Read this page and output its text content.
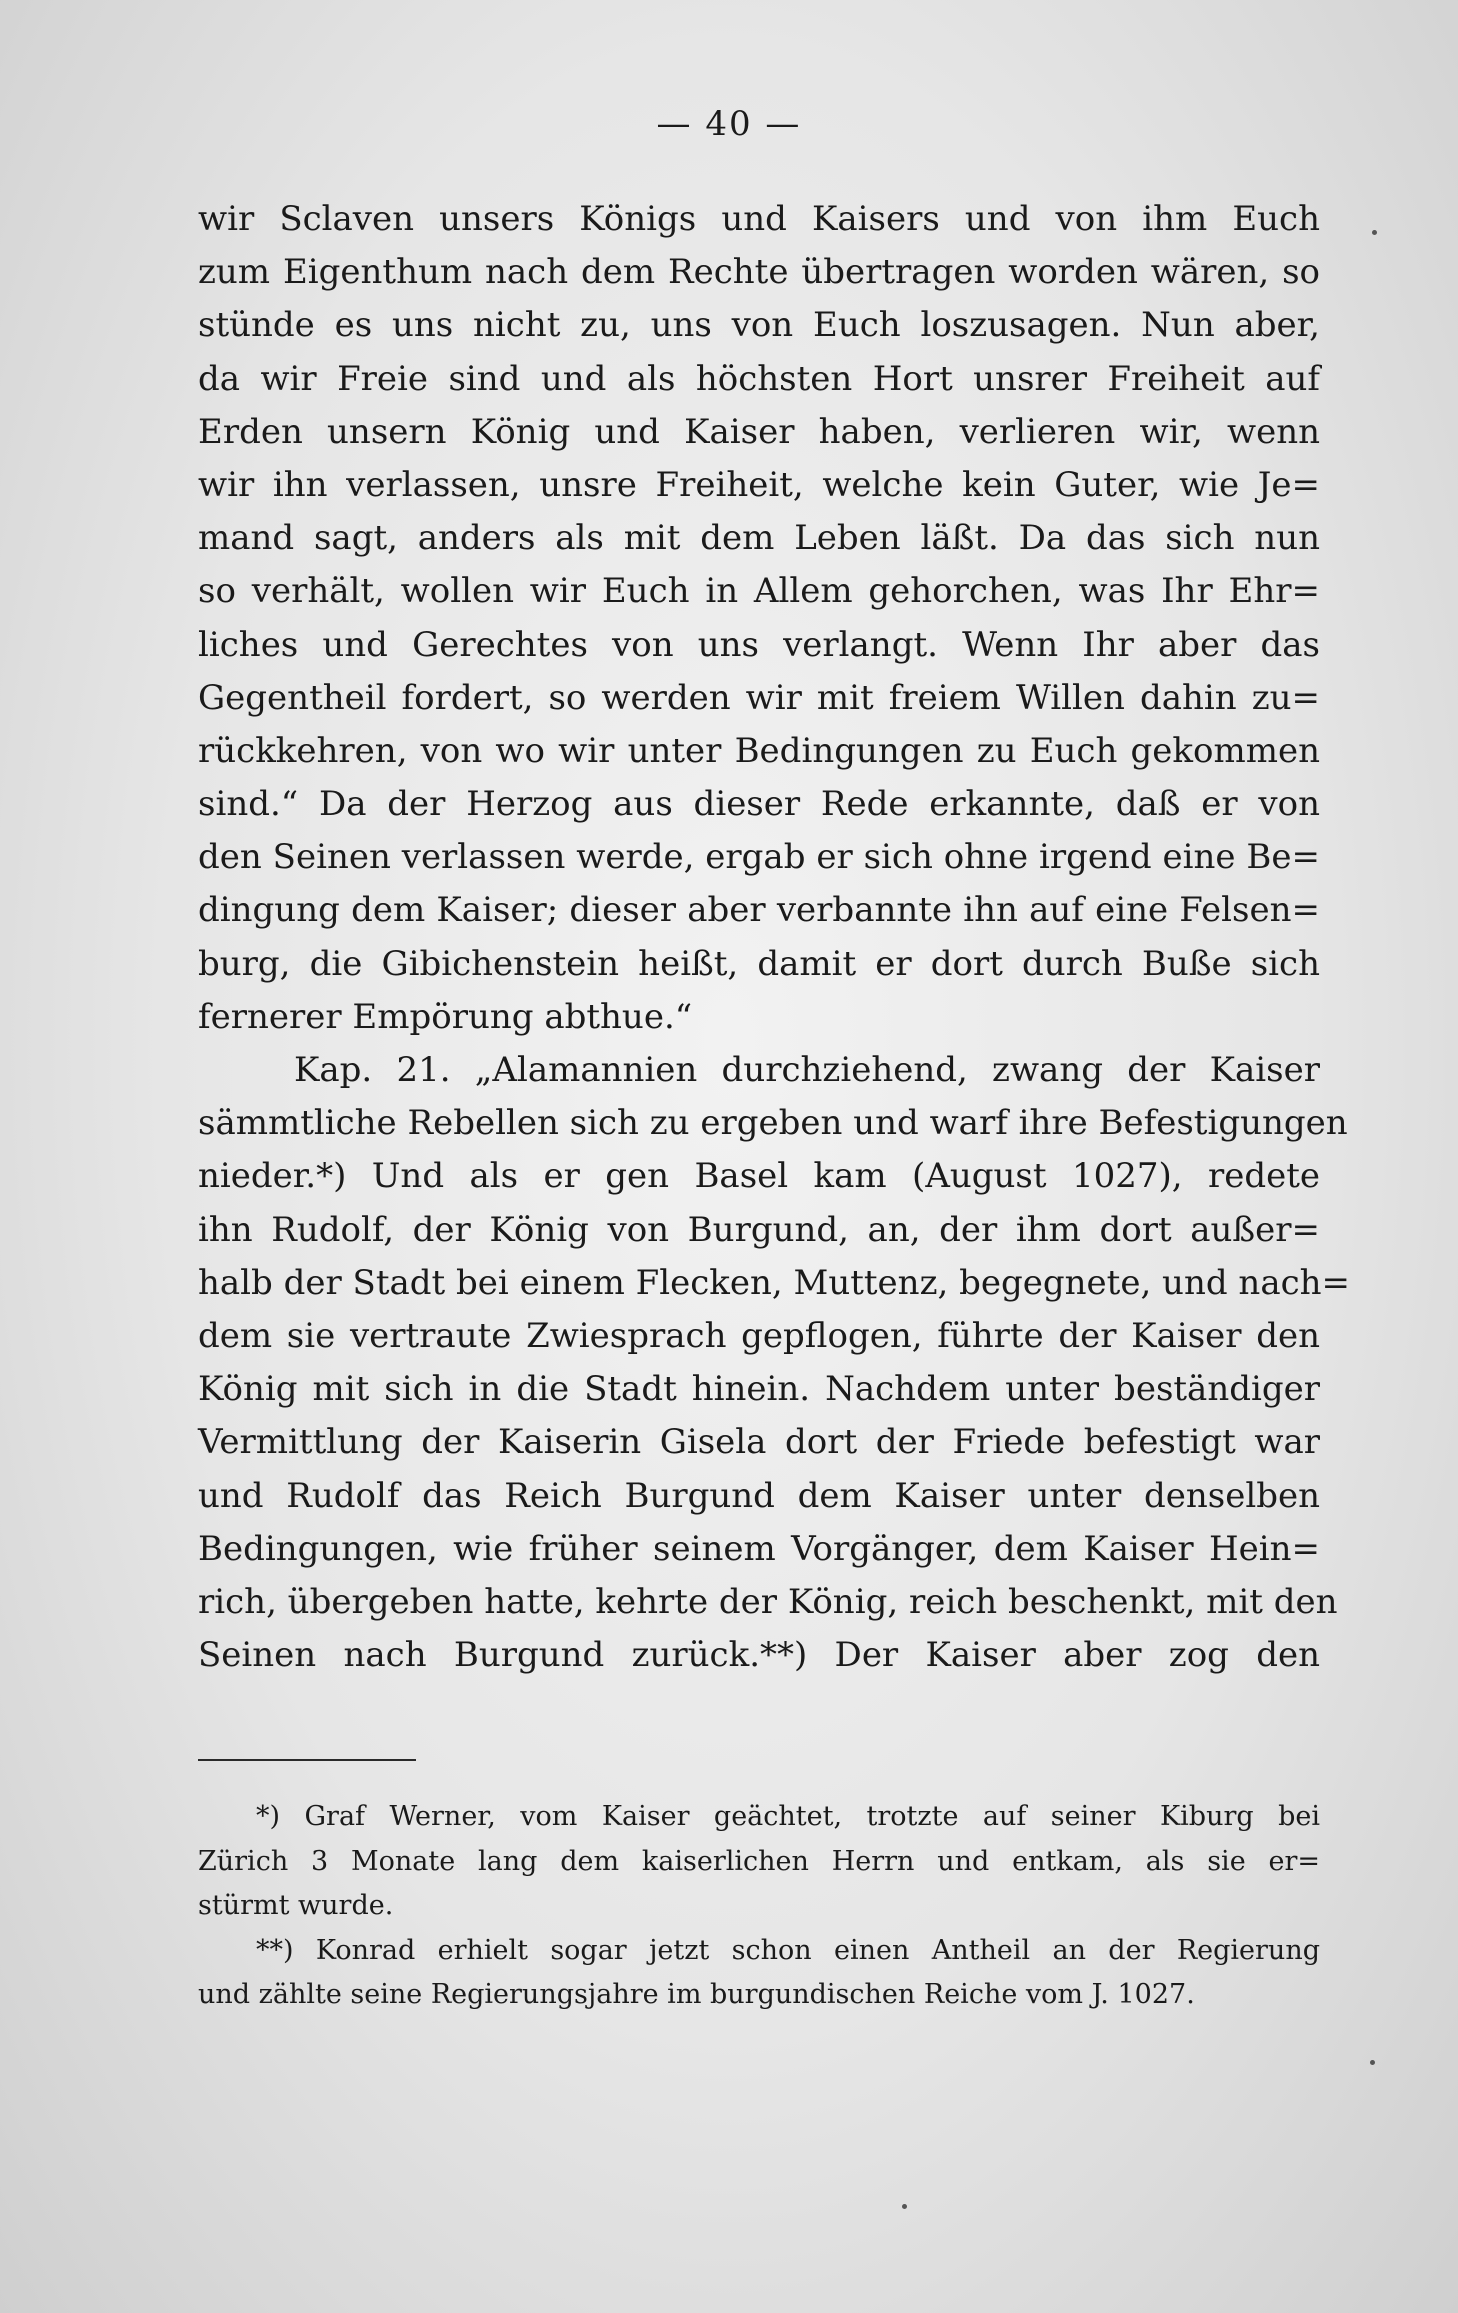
— 40 —
wir Sclaven unsers Königs und Kaisers und von ihm Euch
zum Eigenthum nach dem Rechte übertragen worden wären, so
stünde es uns nicht zu, uns von Euch loszusagen. Nun aber,
da wir Freie sind und als höchsten Hort unsrer Freiheit auf
Erden unsern König und Kaiser haben, verlieren wir, wenn
wir ihn verlassen, unsre Freiheit, welche kein Guter, wie Je=
mand sagt, anders als mit dem Leben läßt. Da das sich nun
so verhält, wollen wir Euch in Allem gehorchen, was Ihr Ehr=
liches und Gerechtes von uns verlangt. Wenn Ihr aber das
Gegentheil fordert, so werden wir mit freiem Willen dahin zu=
rückkehren, von wo wir unter Bedingungen zu Euch gekommen
sind.“ Da der Herzog aus dieser Rede erkannte, daß er von
den Seinen verlassen werde, ergab er sich ohne irgend eine Be=
dingung dem Kaiser; dieser aber verbannte ihn auf eine Felsen=
burg, die Gibichenstein heißt, damit er dort durch Buße sich
fernerer Empörung abthue.“
Kap. 21. „Alamannien durchziehend, zwang der Kaiser
sämmtliche Rebellen sich zu ergeben und warf ihre Befestigungen
nieder.*) Und als er gen Basel kam (August 1027), redete
ihn Rudolf, der König von Burgund, an, der ihm dort außer=
halb der Stadt bei einem Flecken, Muttenz, begegnete, und nach=
dem sie vertraute Zwiesprach gepflogen, führte der Kaiser den
König mit sich in die Stadt hinein. Nachdem unter beständiger
Vermittlung der Kaiserin Gisela dort der Friede befestigt war
und Rudolf das Reich Burgund dem Kaiser unter denselben
Bedingungen, wie früher seinem Vorgänger, dem Kaiser Hein=
rich, übergeben hatte, kehrte der König, reich beschenkt, mit den
Seinen nach Burgund zurück.**) Der Kaiser aber zog den
*) Graf Werner, vom Kaiser geächtet, trotzte auf seiner Kiburg bei
Zürich 3 Monate lang dem kaiserlichen Herrn und entkam, als sie er=
stürmt wurde.
**) Konrad erhielt sogar jetzt schon einen Antheil an der Regierung
und zählte seine Regierungsjahre im burgundischen Reiche vom J. 1027.
